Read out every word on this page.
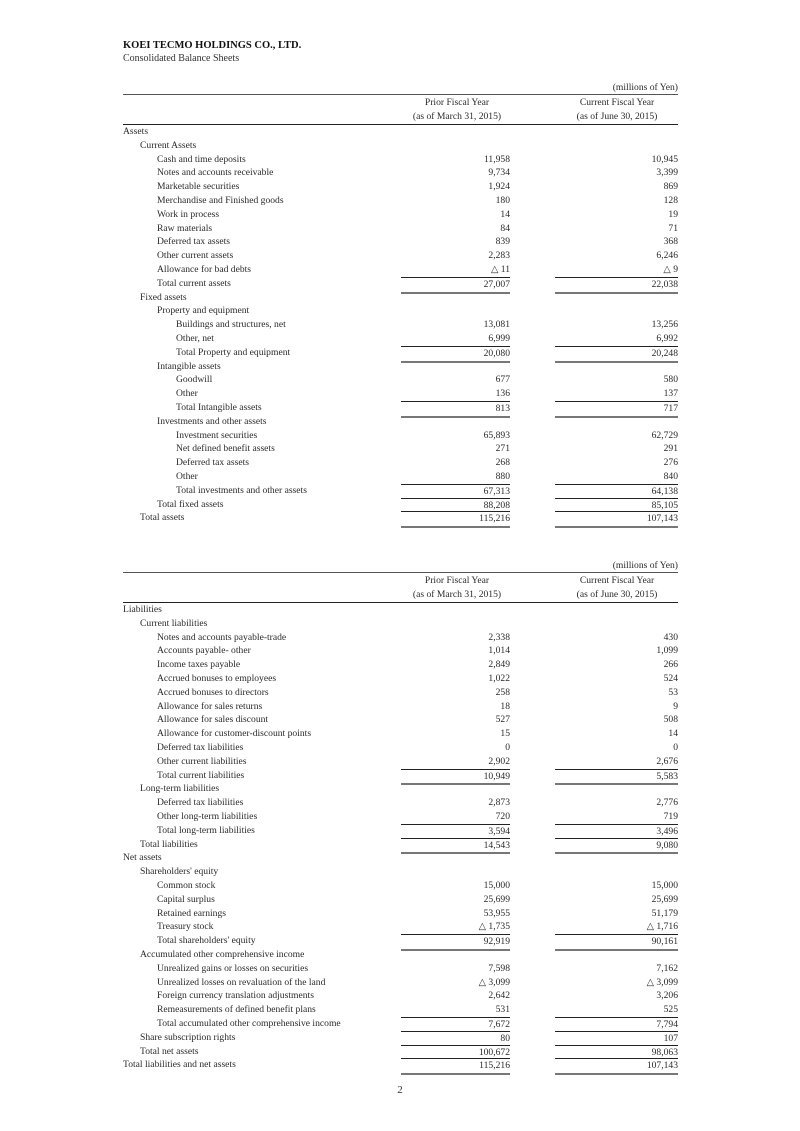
KOEI TECMO HOLDINGS CO., LTD.
Consolidated Balance Sheets
(millions of Yen)
Prior Fiscal Year
(as of March 31, 2015)
Current Fiscal Year
(as of June 30, 2015)
Assets
Current Assets
Cash and time deposits	11,958	10,945
Notes and accounts receivable	9,734	3,399
Marketable securities	1,924	869
Merchandise and Finished goods	180	128
Work in process	14	19
Raw materials	84	71
Deferred tax assets	839	368
Other current assets	2,283	6,246
Allowance for bad debts	△ 11	△ 9
Total current assets	27,007	22,038
Fixed assets
Property and equipment
Buildings and structures, net	13,081	13,256
Other, net	6,999	6,992
Total Property and equipment	20,080	20,248
Intangible assets
Goodwill	677	580
Other	136	137
Total Intangible assets	813	717
Investments and other assets
Investment securities	65,893	62,729
Net defined benefit assets	271	291
Deferred tax assets	268	276
Other	880	840
Total investments and other assets	67,313	64,138
Total fixed assets	88,208	85,105
Total assets	115,216	107,143
(millions of Yen)
Prior Fiscal Year
(as of March 31, 2015)
Current Fiscal Year
(as of June 30, 2015)
Liabilities
Current liabilities
Notes and accounts payable-trade	2,338	430
Accounts payable- other	1,014	1,099
Income taxes payable	2,849	266
Accrued bonuses to employees	1,022	524
Accrued bonuses to directors	258	53
Allowance for sales returns	18	9
Allowance for sales discount	527	508
Allowance for customer-discount points	15	14
Deferred tax liabilities	0	0
Other current liabilities	2,902	2,676
Total current liabilities	10,949	5,583
Long-term liabilities
Deferred tax liabilities	2,873	2,776
Other long-term liabilities	720	719
Total long-term liabilities	3,594	3,496
Total liabilities	14,543	9,080
Net assets
Shareholders' equity
Common stock	15,000	15,000
Capital surplus	25,699	25,699
Retained earnings	53,955	51,179
Treasury stock	△ 1,735	△ 1,716
Total shareholders' equity	92,919	90,161
Accumulated other comprehensive income
Unrealized gains or losses on securities	7,598	7,162
Unrealized losses on revaluation of the land	△ 3,099	△ 3,099
Foreign currency translation adjustments	2,642	3,206
Remeasurements of defined benefit plans	531	525
Total accumulated other comprehensive income	7,672	7,794
Share subscription rights	80	107
Total net assets	100,672	98,063
Total liabilities and net assets	115,216	107,143
2
